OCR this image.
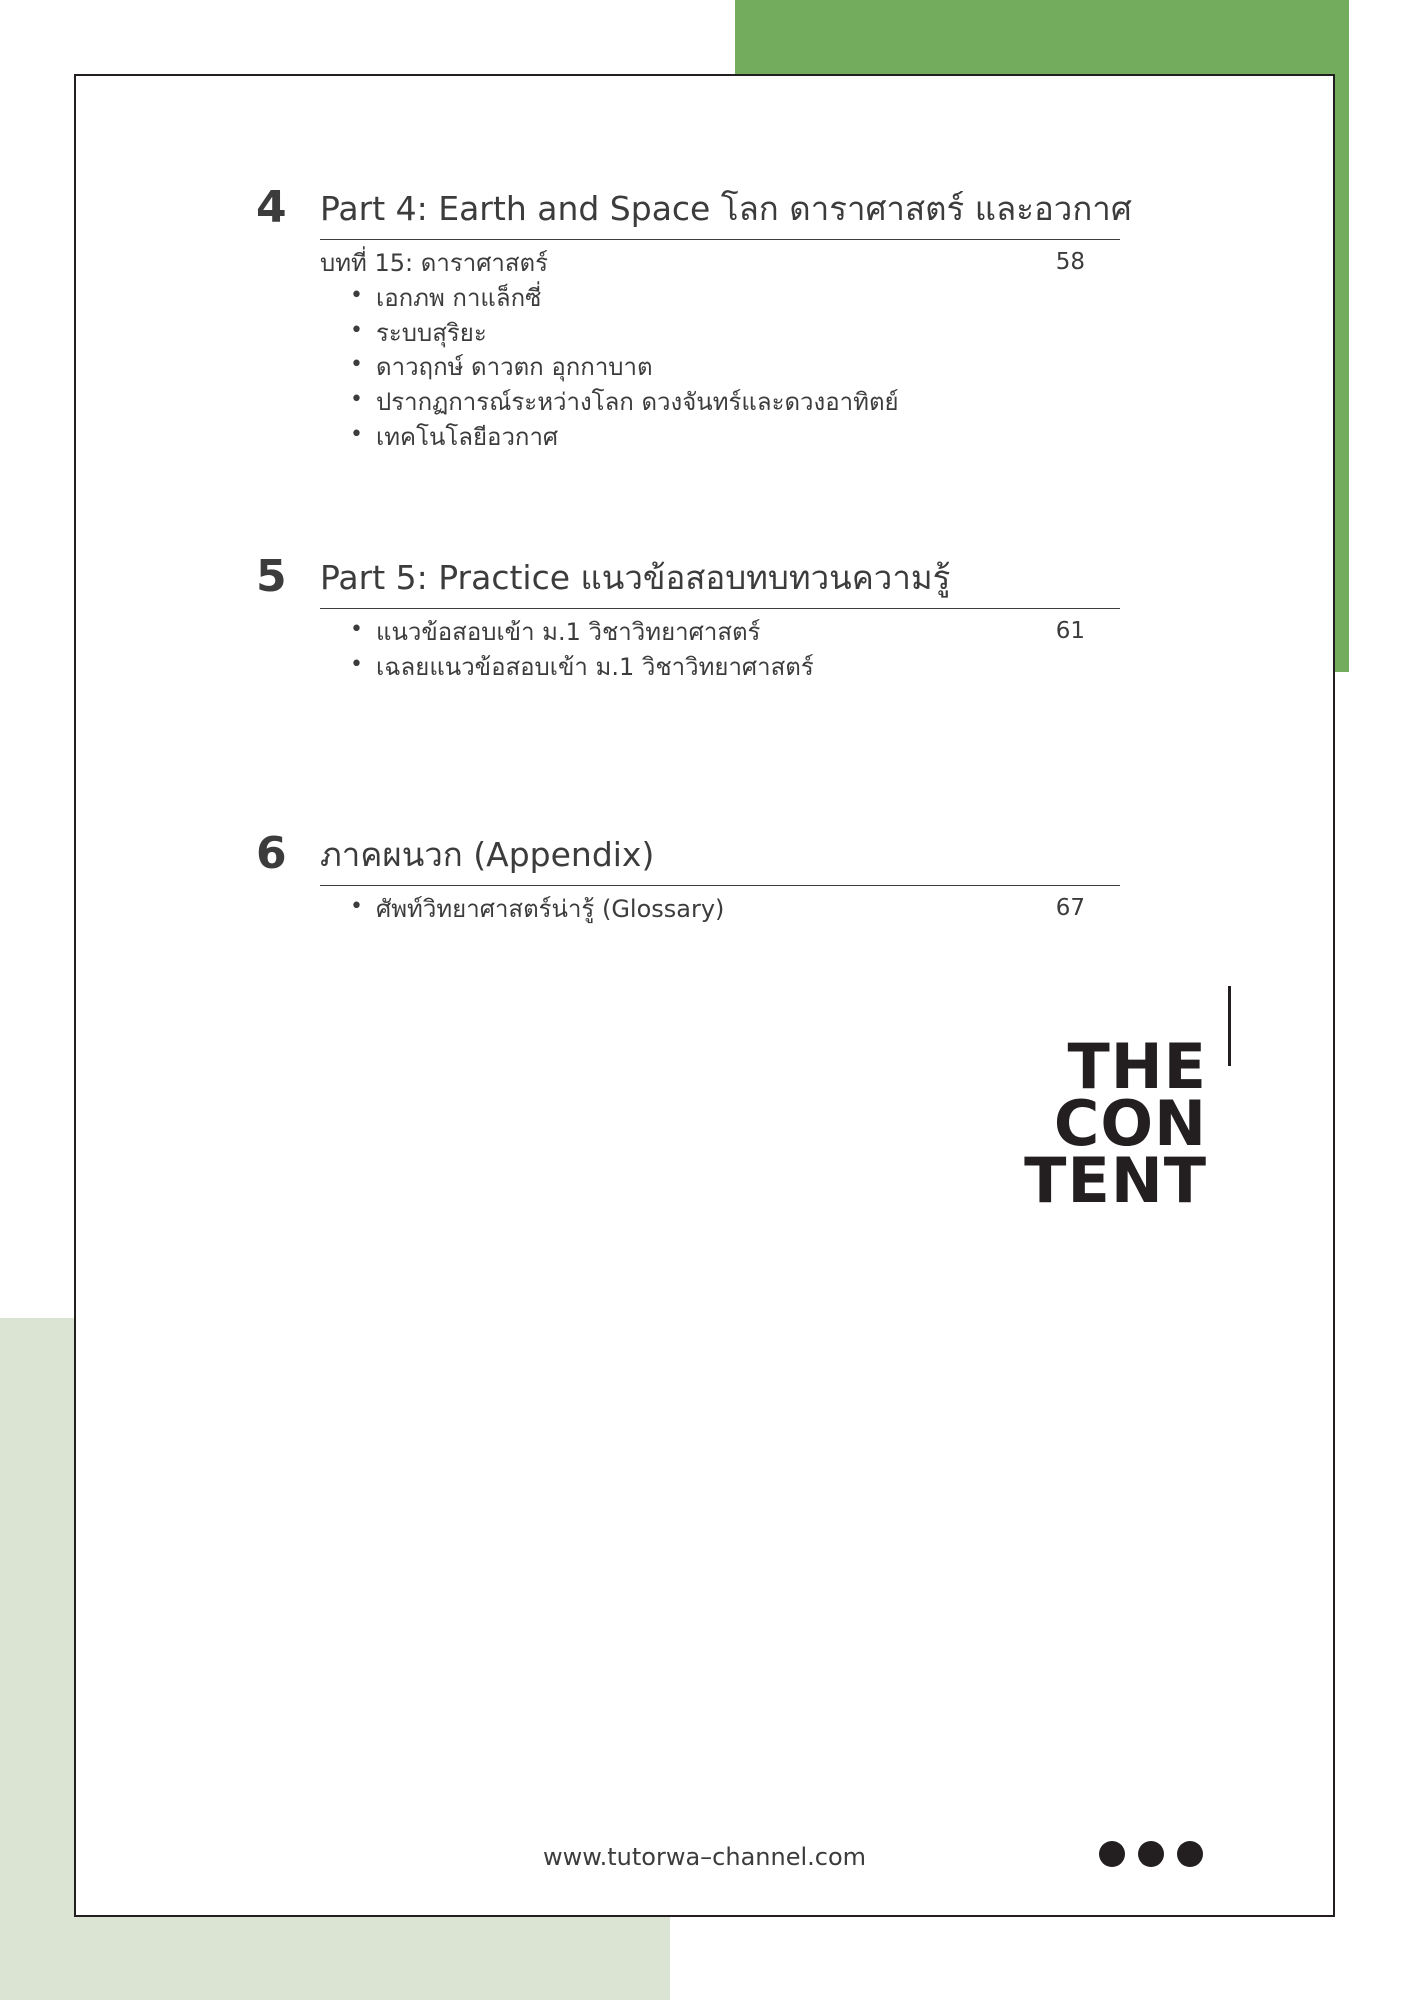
4	Part 4: Earth and Space โลก ดาราศาสตร์ และอวกาศ
บทที่ 15: ดาราศาสตร์	58
• เอกภพ กาแล็กซี่
• ระบบสุริยะ
• ดาวฤกษ์ ดาวตก อุกกาบาต
• ปรากฏการณ์ระหว่างโลก ดวงจันทร์และดวงอาทิตย์
• เทคโนโลยีอวกาศ
5	Part 5: Practice แนวข้อสอบทบทวนความรู้
• แนวข้อสอบเข้า ม.1 วิชาวิทยาศาสตร์	61
• เฉลยแนวข้อสอบเข้า ม.1 วิชาวิทยาศาสตร์
6	ภาคผนวก (Appendix)
• ศัพท์วิทยาศาสตร์น่ารู้ (Glossary)	67
THE
CON
TENT
www.tutorwa–channel.com
